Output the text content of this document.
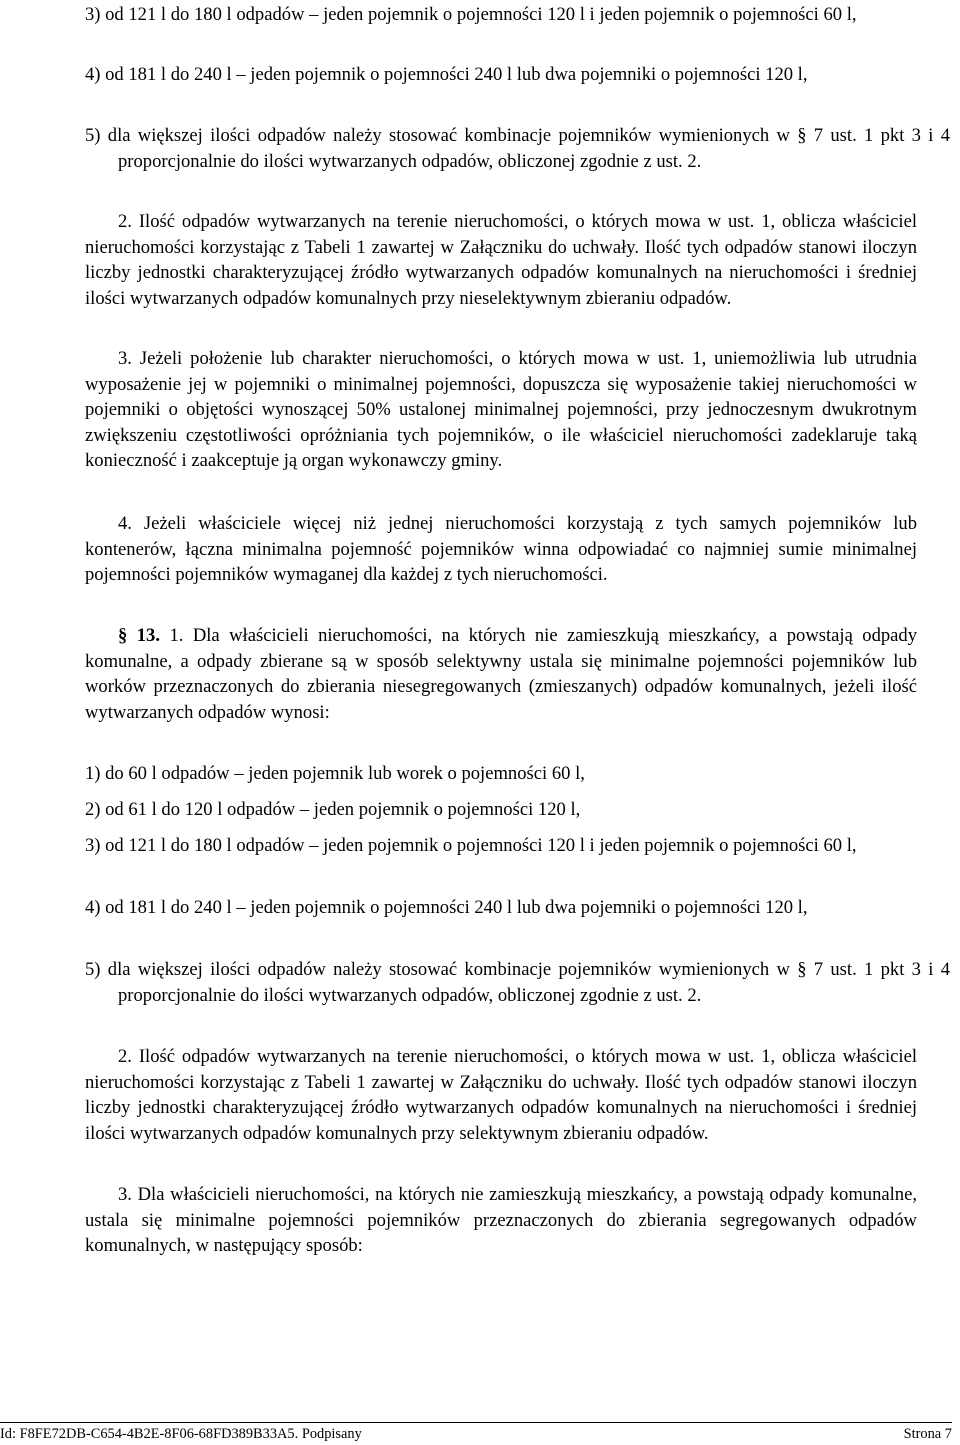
3) od 121 l do 180 l odpadów – jeden pojemnik o pojemności 120 l i jeden pojemnik o pojemności 60 l,

4) od 181 l do 240 l – jeden pojemnik o pojemności 240 l lub dwa pojemniki o pojemności 120 l,

5) dla większej ilości odpadów należy stosować kombinacje pojemników wymienionych w § 7 ust. 1 pkt 3 i 4 proporcjonalnie do ilości wytwarzanych odpadów, obliczonej zgodnie z ust. 2.

2. Ilość odpadów wytwarzanych na terenie nieruchomości, o których mowa w ust. 1, oblicza właściciel nieruchomości korzystając z Tabeli 1 zawartej w Załączniku do uchwały. Ilość tych odpadów stanowi iloczyn liczby jednostki charakteryzującej źródło wytwarzanych odpadów komunalnych na nieruchomości i średniej ilości wytwarzanych odpadów komunalnych przy nieselektywnym zbieraniu odpadów.

3. Jeżeli położenie lub charakter nieruchomości, o których mowa w ust. 1, uniemożliwia lub utrudnia wyposażenie jej w pojemniki o minimalnej pojemności, dopuszcza się wyposażenie takiej nieruchomości w pojemniki o objętości wynoszącej 50% ustalonej minimalnej pojemności, przy jednoczesnym dwukrotnym zwiększeniu częstotliwości opróżniania tych pojemników, o ile właściciel nieruchomości zadeklaruje taką konieczność i zaakceptuje ją organ wykonawczy gminy.

4. Jeżeli właściciele więcej niż jednej nieruchomości korzystają z tych samych pojemników lub kontenerów, łączna minimalna pojemność pojemników winna odpowiadać co najmniej sumie minimalnej pojemności pojemników wymaganej dla każdej z tych nieruchomości.

§ 13. 1. Dla właścicieli nieruchomości, na których nie zamieszkują mieszkańcy, a powstają odpady komunalne, a odpady zbierane są w sposób selektywny ustala się minimalne pojemności pojemników lub worków przeznaczonych do zbierania niesegregowanych (zmieszanych) odpadów komunalnych, jeżeli ilość wytwarzanych odpadów wynosi:

1) do 60 l odpadów – jeden pojemnik lub worek o pojemności 60 l,

2) od 61 l do 120 l odpadów – jeden pojemnik o pojemności 120 l,

3) od 121 l do 180 l odpadów – jeden pojemnik o pojemności 120 l i jeden pojemnik o pojemności 60 l,

4) od 181 l do 240 l – jeden pojemnik o pojemności 240 l lub dwa pojemniki o pojemności 120 l,

5) dla większej ilości odpadów należy stosować kombinacje pojemników wymienionych w § 7 ust. 1 pkt 3 i 4 proporcjonalnie do ilości wytwarzanych odpadów, obliczonej zgodnie z ust. 2.

2. Ilość odpadów wytwarzanych na terenie nieruchomości, o których mowa w ust. 1, oblicza właściciel nieruchomości korzystając z Tabeli 1 zawartej w Załączniku do uchwały. Ilość tych odpadów stanowi iloczyn liczby jednostki charakteryzującej źródło wytwarzanych odpadów komunalnych na nieruchomości i średniej ilości wytwarzanych odpadów komunalnych przy selektywnym zbieraniu odpadów.

3. Dla właścicieli nieruchomości, na których nie zamieszkują mieszkańcy, a powstają odpady komunalne, ustala się minimalne pojemności pojemników przeznaczonych do zbierania segregowanych odpadów komunalnych, w następujący sposób:

Id: F8FE72DB-C654-4B2E-8F06-68FD389B33A5. Podpisany	Strona 7
